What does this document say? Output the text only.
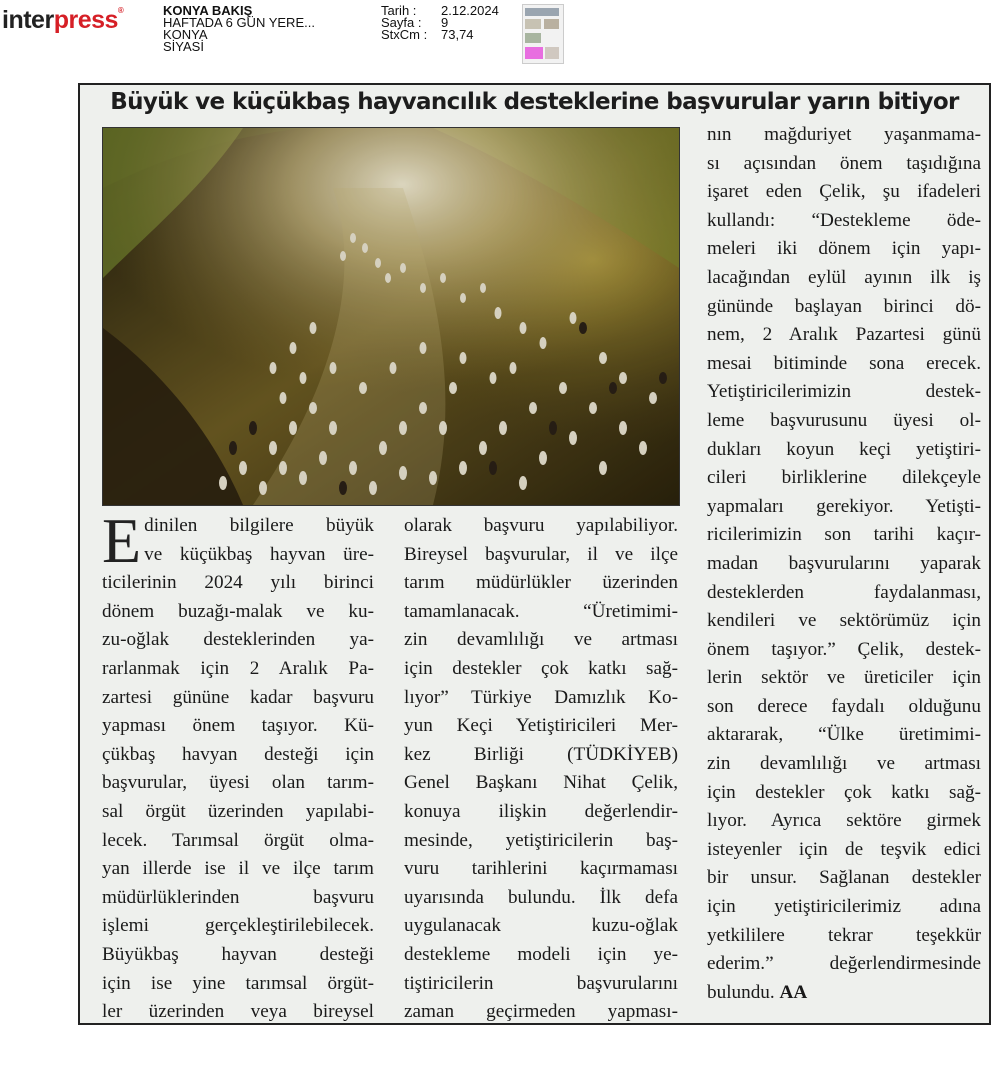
interpress®	KONYA BAKIŞ
HAFTADA 6 GÜN YERE...
KONYA
SİYASİ
Tarih :	2.12.2024
Sayfa :	9
StxCm :	73,74
Büyük ve küçükbaş hayvancılık desteklerine başvurular yarın bitiyor
E dinilen bilgilere büyük
ve küçükbaş hayvan üre-
ticilerinin 2024 yılı birinci
dönem buzağı-malak ve ku-
zu-oğlak desteklerinden ya-
rarlanmak için 2 Aralık Pa-
zartesi gününe kadar başvuru
yapması önem taşıyor. Kü-
çükbaş havyan desteği için
başvurular, üyesi olan tarım-
sal örgüt üzerinden yapılabi-
lecek. Tarımsal örgüt olma-
yan illerde ise il ve ilçe tarım
müdürlüklerinden başvuru
işlemi gerçekleştirilebilecek.
Büyükbaş hayvan desteği
için ise yine tarımsal örgüt-
ler üzerinden veya bireysel
olarak başvuru yapılabiliyor.
Bireysel başvurular, il ve ilçe
tarım müdürlükler üzerinden
tamamlanacak. “Üretimimi-
zin devamlılığı ve artması
için destekler çok katkı sağ-
lıyor” Türkiye Damızlık Ko-
yun Keçi Yetiştiricileri Mer-
kez Birliği (TÜDKİYEB)
Genel Başkanı Nihat Çelik,
konuya ilişkin değerlendir-
mesinde, yetiştiricilerin baş-
vuru tarihlerini kaçırmaması
uyarısında bulundu. İlk defa
uygulanacak kuzu-oğlak
destekleme modeli için ye-
tiştiricilerin başvurularını
zaman geçirmeden yapması-
nın mağduriyet yaşanmama-
sı açısından önem taşıdığına
işaret eden Çelik, şu ifadeleri
kullandı: “Destekleme öde-
meleri iki dönem için yapı-
lacağından eylül ayının ilk iş
gününde başlayan birinci dö-
nem, 2 Aralık Pazartesi günü
mesai bitiminde sona erecek.
Yetiştiricilerimizin destek-
leme başvurusunu üyesi ol-
dukları koyun keçi yetiştiri-
cileri birliklerine dilekçeyle
yapmaları gerekiyor. Yetişti-
ricilerimizin son tarihi kaçır-
madan başvurularını yaparak
desteklerden faydalanması,
kendileri ve sektörümüz için
önem taşıyor.” Çelik, destek-
lerin sektör ve üreticiler için
son derece faydalı olduğunu
aktararak, “Ülke üretimimi-
zin devamlılığı ve artması
için destekler çok katkı sağ-
lıyor. Ayrıca sektöre girmek
isteyenler için de teşvik edici
bir unsur. Sağlanan destekler
için yetiştiricilerimiz adına
yetkililere tekrar teşekkür
ederim.” değerlendirmesinde
bulundu. AA
